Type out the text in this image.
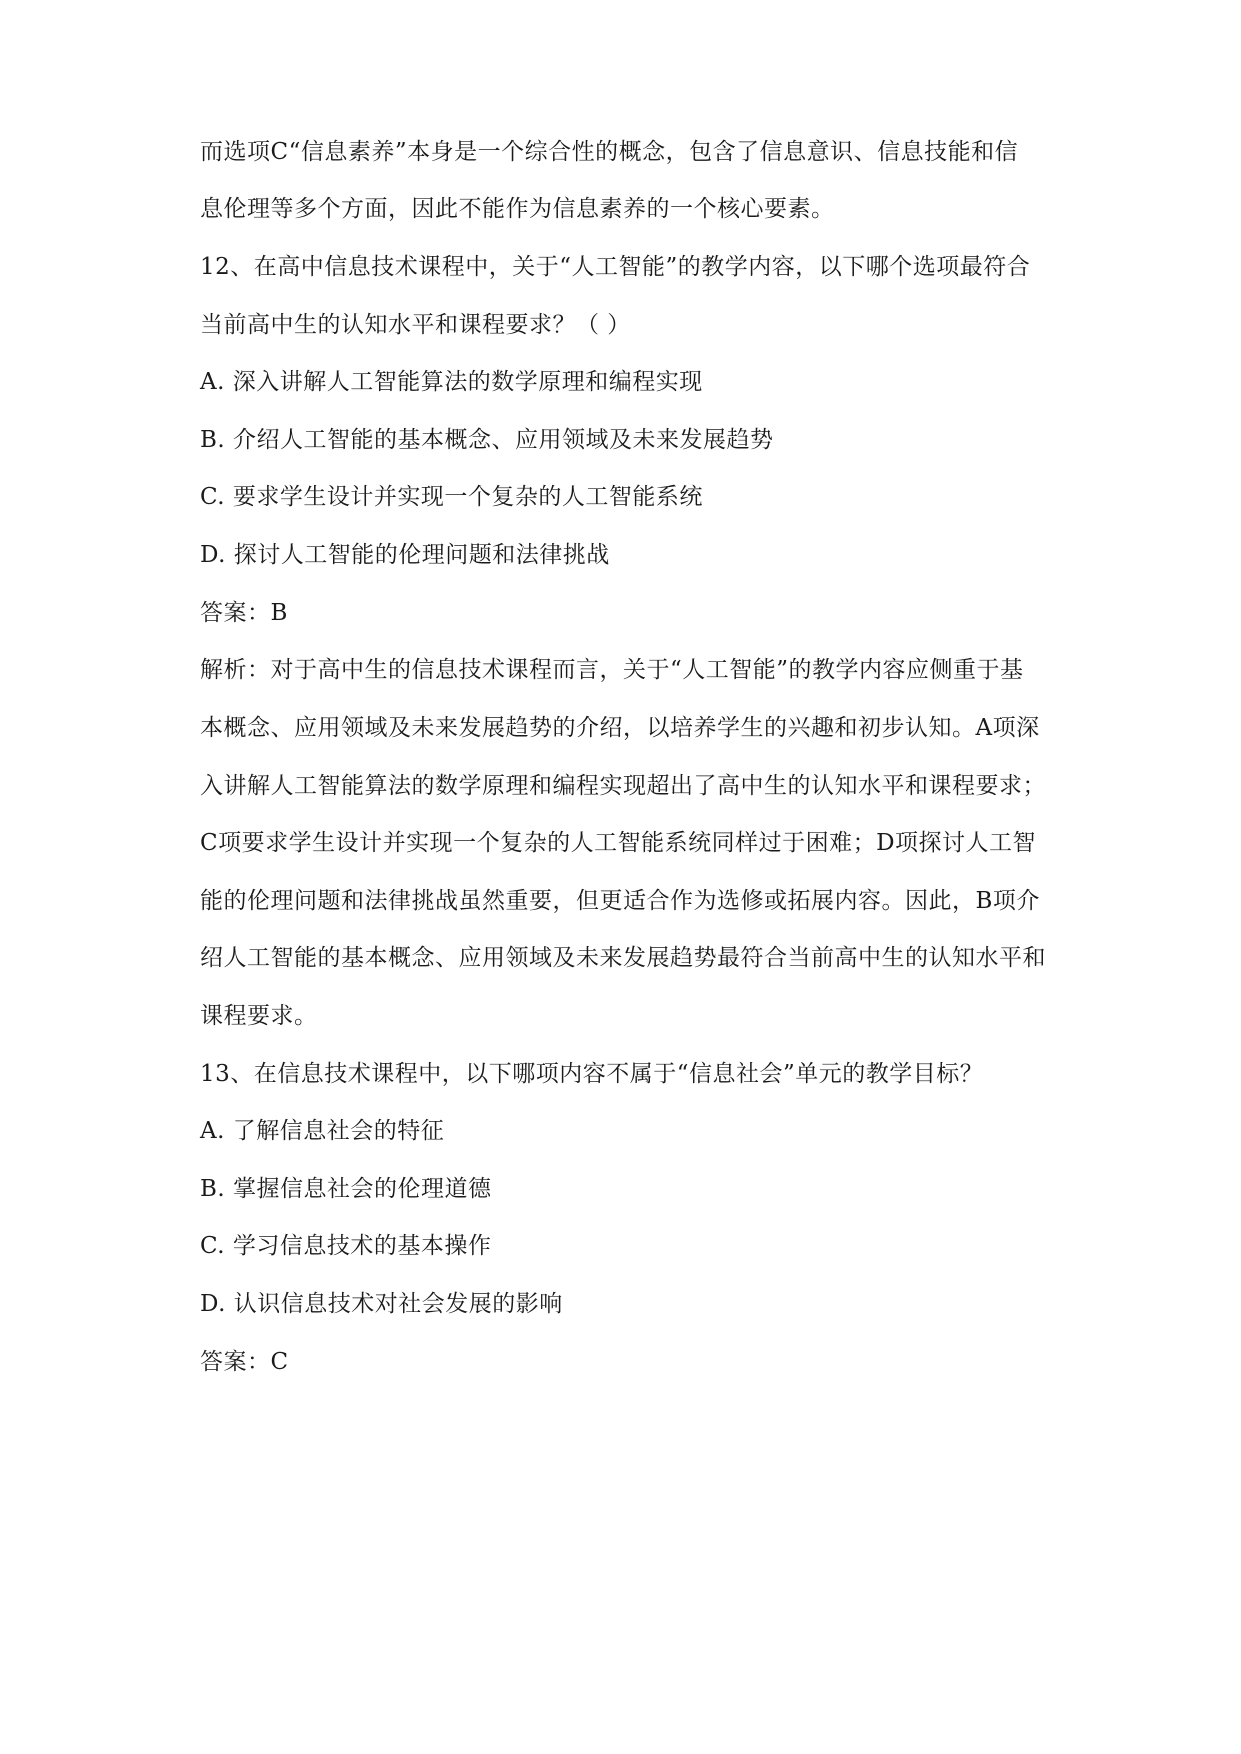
而选项C“信息素养”本身是一个综合性的概念，包含了信息意识、信息技能和信
息伦理等多个方面，因此不能作为信息素养的一个核心要素。
12、在高中信息技术课程中，关于“人工智能”的教学内容，以下哪个选项最符合
当前高中生的认知水平和课程要求？（ ）
A. 深入讲解人工智能算法的数学原理和编程实现
B. 介绍人工智能的基本概念、应用领域及未来发展趋势
C. 要求学生设计并实现一个复杂的人工智能系统
D. 探讨人工智能的伦理问题和法律挑战
答案：B
解析：对于高中生的信息技术课程而言，关于“人工智能”的教学内容应侧重于基
本概念、应用领域及未来发展趋势的介绍，以培养学生的兴趣和初步认知。A项深
入讲解人工智能算法的数学原理和编程实现超出了高中生的认知水平和课程要求；
C项要求学生设计并实现一个复杂的人工智能系统同样过于困难；D项探讨人工智
能的伦理问题和法律挑战虽然重要，但更适合作为选修或拓展内容。因此，B项介
绍人工智能的基本概念、应用领域及未来发展趋势最符合当前高中生的认知水平和
课程要求。
13、在信息技术课程中，以下哪项内容不属于“信息社会”单元的教学目标？
A. 了解信息社会的特征
B. 掌握信息社会的伦理道德
C. 学习信息技术的基本操作
D. 认识信息技术对社会发展的影响
答案：C
